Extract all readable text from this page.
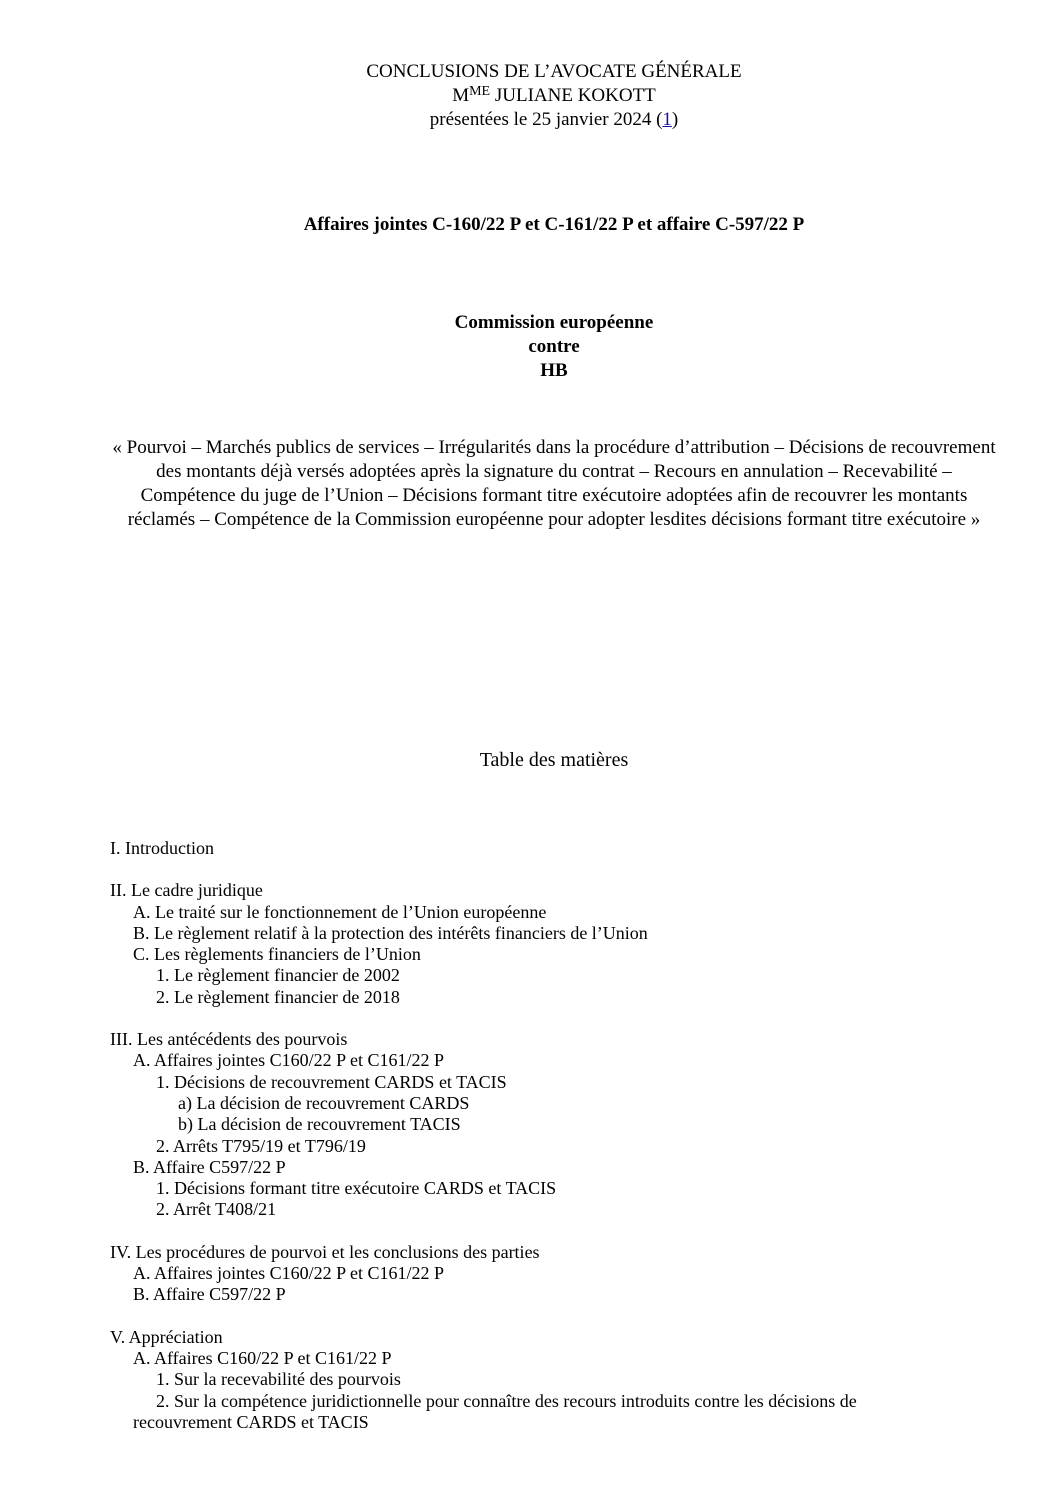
CONCLUSIONS DE L’AVOCATE GÉNÉRALE
$M^{ME}$ JULIANE KOKOTT
présentées le 25 janvier 2024 (1)
Affaires jointes C-160/22 P et C-161/22 P et affaire C-597/22 P
Commission européenne
contre
HB
« Pourvoi – Marchés publics de services – Irrégularités dans la procédure d’attribution – Décisions de recouvrement des montants déjà versés adoptées après la signature du contrat – Recours en annulation – Recevabilité – Compétence du juge de l’Union – Décisions formant titre exécutoire adoptées afin de recouvrer les montants réclamés – Compétence de la Commission européenne pour adopter lesdites décisions formant titre exécutoire »
Table des matières
I. Introduction
II. Le cadre juridique
A. Le traité sur le fonctionnement de l’Union européenne
B. Le règlement relatif à la protection des intérêts financiers de l’Union
C. Les règlements financiers de l’Union
1. Le règlement financier de 2002
2. Le règlement financier de 2018
III. Les antécédents des pourvois
A. Affaires jointes C160/22 P et C161/22 P
1. Décisions de recouvrement CARDS et TACIS
a) La décision de recouvrement CARDS
b) La décision de recouvrement TACIS
2. Arrêts T795/19 et T796/19
B. Affaire C597/22 P
1. Décisions formant titre exécutoire CARDS et TACIS
2. Arrêt T408/21
IV. Les procédures de pourvoi et les conclusions des parties
A. Affaires jointes C160/22 P et C161/22 P
B. Affaire C597/22 P
V. Appréciation
A. Affaires C160/22 P et C161/22 P
1. Sur la recevabilité des pourvois
2. Sur la compétence juridictionnelle pour connaître des recours introduits contre les décisions de
recouvrement CARDS et TACIS
